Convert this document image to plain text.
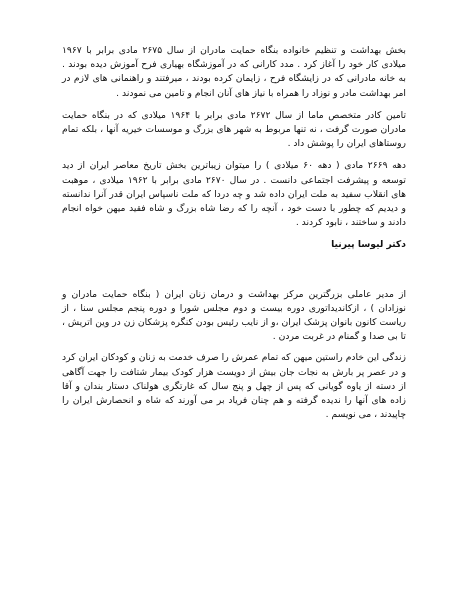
بخش بهداشت و تنظیم خانواده بنگاه حمایت مادران از سال ۲۶۷۵ مادی برابر با ۱۹۶۷ میلادی کار خود را آغاز کرد . مدد کارانی که در آموزشگاه بهیاری فرح آموزش دیده بودند . به خانه مادرانی که در زایشگاه فرح ، زایمان کرده بودند ، میرفتند و راهنمانی های لازم در امر بهداشت مادر و نوزاد را همراه با نیاز های آنان انجام و تامین می نمودند .

تامین کادر متخصص ماما از سال ۲۶۷۲ مادی برابر با ۱۹۶۴ میلادی که در بنگاه حمایت مادران صورت گرفت ، نه تنها مربوط به شهر های بزرگ و موسسات خیریه آنها ، بلکه تمام روستاهای ایران را پوشش داد .

دهه ۲۶۶۹ مادی ( دهه ۶۰ میلادی ) را میتوان زیباترین بخش تاریخ معاصر ایران از دید توسعه و پیشرفت اجتماعی دانست . در سال ۲۶۷۰ مادی برابر با ۱۹۶۲ میلادی ، موهبت های انقلاب سفید به ملت ایران داده شد و چه دردا که ملت ناسپاس ایران قدر آنرا ندانسته و دیدیم که چطور با دست خود ، آنچه را که رضا شاه بزرگ و شاه فقید میهن خواه انجام دادند و ساختند ، نابود کردند .

دکتر لیوسا پیرنیا

از مدیر عاملی بزرگترین مرکز بهداشت و درمان زنان ایران ( بنگاه حمایت مادران و نوزادان ) ، ازکاندیداتوری دوره بیست و دوم مجلس شورا و دوره پنجم مجلس سنا ، از ریاست کانون بانوان پزشک ایران ،و از نایب رئیس بودن کنگره پزشکان زن در وین اتریش ، تا بی صدا و گمنام در غربت مردن .

زندگی این خادم راستین میهن که تمام عمرش را صرف خدمت به زنان و کودکان ایران کرد و در عصر پر بارش به نجات جان بیش از دویست هزار کودک بیمار شتافت را جهت آگاهی از دسته از یاوه گویانی که پس از چهل و پنج سال که غارتگری هولناک دستار بندان و آقا زاده های آنها را ندیده گرفته و هم چنان فریاد بر می آورند که شاه و انحصارش ایران را چاپیدند ، می نویسم .
